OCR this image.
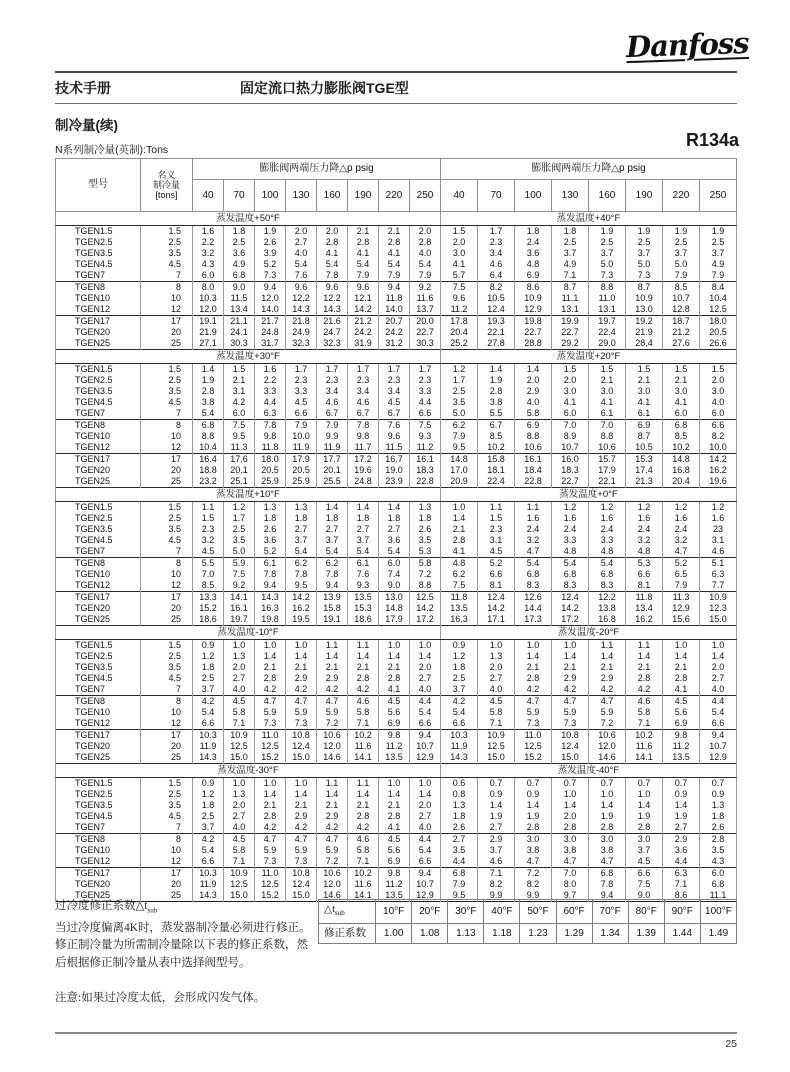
Danfoss
技术手册	固定流口热力膨胀阀TGE型
制冷量(续)
N系列制冷量(英制):Tons	R134a
型号	名义
制冷量
[tons]	膨胀阀两端压力降△p psig								膨胀阀两端压力降△p psig							
		40	70	100	130	160	190	220	250	40	70	100	130	160	190	220	250
蒸发温度+50°F										蒸发温度+40°F							
TGEN1.5	1.5	1.6	1.8	1.9	2.0	2.0	2.1	2.1	2.0	1.5	1.7	1.8	1.8	1.9	1.9	1.9	1.9
TGEN2.5	2.5	2.2	2.5	2.6	2.7	2.8	2.8	2.8	2.8	2.0	2.3	2.4	2.5	2.5	2.5	2.5	2.5
TGEN3.5	3.5	3.2	3.6	3.9	4.0	4.1	4.1	4.1	4.0	3.0	3.4	3.6	3.7	3.7	3.7	3.7	3.7
TGEN4.5	4.5	4.3	4.9	5.2	5.4	5.4	5.4	5.4	5.4	4.1	4.6	4.8	4.9	5.0	5.0	5.0	4.9
TGEN7	7	6.0	6.8	7.3	7.6	7.8	7.9	7.9	7.9	5.7	6.4	6.9	7.1	7.3	7.3	7.9	7.9
TGEN8	8	8.0	9.0	9.4	9.6	9.6	9.6	9.4	9.2	7.5	8.2	8.6	8.7	8.8	8.7	8.5	8.4
TGEN10	10	10.3	11.5	12.0	12.2	12.2	12.1	11.8	11.6	9.6	10.5	10.9	11.1	11.0	10.9	10.7	10.4
TGEN12	12	12.0	13.4	14.0	14.3	14.3	14.2	14.0	13.7	11.2	12.4	12.9	13.1	13.1	13.0	12.8	12.5
TGEN17	17	19.1	21.1	21.7	21.8	21.6	21.2	20.7	20.0	17.8	19.3	19.8	19.9	19.7	19.2	18.7	18.0
TGEN20	20	21.9	24.1	24.8	24.9	24.7	24.2	24.2	22.7	20.4	22.1	22.7	22.7	22.4	21.9	21.2	20.5
TGEN25	25	27.1	30.3	31.7	32.3	32.3	31.9	31.2	30.3	25.2	27.8	28.8	29.2	29.0	28.4	27.6	26.6
蒸发温度+30°F										蒸发温度+20°F							
TGEN1.5	1.5	1.4	1.5	1.6	1.7	1.7	1.7	1.7	1.7	1.2	1.4	1.4	1.5	1.5	1.5	1.5	1.5
TGEN2.5	2.5	1.9	2.1	2.2	2.3	2.3	2.3	2.3	2.3	1.7	1.9	2.0	2.0	2.1	2.1	2.1	2.0
TGEN3.5	3.5	2.8	3.1	3.3	3.3	3.4	3.4	3.4	3.3	2.5	2.8	2.9	3.0	3.0	3.0	3.0	3.0
TGEN4.5	4.5	3.8	4.2	4.4	4.5	4.6	4.6	4.5	4.4	3.5	3.8	4.0	4.1	4.1	4.1	4.1	4.0
TGEN7	7	5.4	6.0	6.3	6.6	6.7	6.7	6.7	6.6	5.0	5.5	5.8	6.0	6.1	6.1	6.0	6.0
TGEN8	8	6.8	7.5	7.8	7.9	7.9	7.8	7.6	7.5	6.2	6.7	6.9	7.0	7.0	6.9	6.8	6.6
TGEN10	10	8.8	9.5	9.8	10.0	9.9	9.8	9.6	9.3	7.9	8.5	8.8	8.9	8.8	8.7	8.5	8.2
TGEN12	12	10.4	11.3	11.8	11.9	11.9	11.7	11.5	11.2	9.5	10.2	10.6	10.7	10.6	10.5	10.2	10.0
TGEN17	17	16.4	17.6	18.0	17.9	17.7	17.2	16.7	16.1	14.8	15.8	16.1	16.0	15.7	15.3	14.8	14.2
TGEN20	20	18.8	20.1	20.5	20.5	20.1	19.6	19.0	18.3	17.0	18.1	18.4	18.3	17.9	17.4	16.8	16.2
TGEN25	25	23.2	25.1	25.9	25.9	25.5	24.8	23.9	22.8	20.9	22.4	22.8	22.7	22.1	21.3	20.4	19.6
蒸发温度+10°F										蒸发温度+0°F							
TGEN1.5	1.5	1.1	1.2	1.3	1.3	1.4	1.4	1.4	1.3	1.0	1.1	1.1	1.2	1.2	1.2	1.2	1.2
TGEN2.5	2.5	1.5	1.7	1.8	1.8	1.8	1.8	1.8	1.8	1.4	1.5	1.6	1.6	1.6	1.6	1.6	1.6
TGEN3.5	3.5	2.3	2.5	2.6	2.7	2.7	2.7	2.7	2.6	2.1	2.3	2.4	2.4	2.4	2.4	2.4	23
TGEN4.5	4.5	3.2	3.5	3.6	3.7	3.7	3.7	3.6	3.5	2.8	3.1	3.2	3.3	3.3	3.2	3.2	3.1
TGEN7	7	4.5	5.0	5.2	5.4	5.4	5.4	5.4	5.3	4.1	4.5	4.7	4.8	4.8	4.8	4.7	4.6
TGEN8	8	5.5	5.9	6.1	6.2	6.2	6.1	6.0	5.8	4.8	5.2	5.4	5.4	5.4	5.3	5.2	5.1
TGEN10	10	7.0	7.5	7.8	7.8	7.8	7.6	7.4	7.2	6.2	6.6	6.8	6.8	6.8	6.6	6.5	6.3
TGEN12	12	8.5	9.2	9.4	9.5	9.4	9.3	9.0	8.8	7.5	8.1	8.3	8.3	8.3	8.1	7.9	7.7
TGEN17	17	13.3	14.1	14.3	14.2	13.9	13.5	13.0	12.5	11.8	12.4	12.6	12.4	12.2	11.8	11.3	10.9
TGEN20	20	15.2	16.1	16.3	16.2	15.8	15.3	14.8	14.2	13.5	14.2	14.4	14.2	13.8	13.4	12.9	12.3
TGEN25	25	18.6	19.7	19.8	19.5	19.1	18.6	17.9	17.2	16.3	17.1	17.3	17.2	16.8	16.2	15.6	15.0
蒸发温度-10°F										蒸发温度-20°F							
TGEN1.5	1.5	0.9	1.0	1.0	1.0	1.1	1.1	1.0	1.0	0.9	1.0	1.0	1.0	1.1	1.1	1.0	1.0
TGEN2.5	2.5	1.2	1.3	1.4	1.4	1.4	1.4	1.4	1.4	1.2	1.3	1.4	1.4	1.4	1.4	1.4	1.4
TGEN3.5	3.5	1.8	2.0	2.1	2.1	2.1	2.1	2.1	2.0	1.8	2.0	2.1	2.1	2.1	2.1	2.1	2.0
TGEN4.5	4.5	2.5	2.7	2.8	2.9	2.9	2.8	2.8	2.7	2.5	2.7	2.8	2.9	2.9	2.8	2.8	2.7
TGEN7	7	3.7	4.0	4.2	4.2	4.2	4.2	4.1	4.0	3.7	4.0	4.2	4.2	4.2	4.2	4.1	4.0
TGEN8	8	4.2	4.5	4.7	4.7	4.7	4.6	4.5	4.4	4.2	4.5	4.7	4.7	4.7	4.6	4.5	4.4
TGEN10	10	5.4	5.8	5.9	5.9	5.9	5.8	5.6	5.4	5.4	5.8	5.9	5.9	5.9	5.8	5.6	5.4
TGEN12	12	6.6	7.1	7.3	7.3	7.2	7.1	6.9	6.6	6.6	7.1	7.3	7.3	7.2	7.1	6.9	6.6
TGEN17	17	10.3	10.9	11.0	10.8	10.6	10.2	9.8	9.4	10.3	10.9	11.0	10.8	10.6	10.2	9.8	9.4
TGEN20	20	11.9	12.5	12.5	12.4	12.0	11.6	11.2	10.7	11.9	12.5	12.5	12.4	12.0	11.6	11.2	10.7
TGEN25	25	14.3	15.0	15.2	15.0	14.6	14.1	13.5	12.9	14.3	15.0	15.2	15.0	14.6	14.1	13.5	12.9
蒸发温度-30°F										蒸发温度-40°F							
TGEN1.5	1.5	0.9	1.0	1.0	1.0	1.1	1.1	1.0	1.0	0.6	0.7	0.7	0.7	0.7	0.7	0.7	0.7
TGEN2.5	2.5	1.2	1.3	1.4	1.4	1.4	1.4	1.4	1.4	0.8	0.9	0.9	1.0	1.0	1.0	0.9	0.9
TGEN3.5	3.5	1.8	2.0	2.1	2.1	2.1	2.1	2.1	2.0	1.3	1.4	1.4	1.4	1.4	1.4	1.4	1.3
TGEN4.5	4.5	2.5	2.7	2.8	2.9	2.9	2.8	2.8	2.7	1.8	1.9	1.9	2.0	1.9	1.9	1.9	1.8
TGEN7	7	3.7	4.0	4.2	4.2	4.2	4.2	4.1	4.0	2.6	2.7	2.8	2.8	2.8	2.8	2.7	2.6
TGEN8	8	4.2	4.5	4.7	4.7	4.7	4.6	4.5	4.4	2.7	2.9	3.0	3.0	3.0	3.0	2.9	2.8
TGEN10	10	5.4	5.8	5.9	5.9	5.9	5.8	5.6	5.4	3.5	3.7	3.8	3.8	3.8	3.7	3.6	3.5
TGEN12	12	6.6	7.1	7.3	7.3	7.2	7.1	6.9	6.6	4.4	4.6	4.7	4.7	4.7	4.5	4.4	4.3
TGEN17	17	10.3	10.9	11.0	10.8	10.6	10.2	9.8	9.4	6.8	7.1	7.2	7.0	6.8	6.6	6.3	6.0
TGEN20	20	11.9	12.5	12.5	12.4	12.0	11.6	11.2	10.7	7.9	8.2	8.2	8.0	7.8	7.5	7.1	6.8
TGEN25	25	14.3	15.0	15.2	15.0	14.6	14.1	13.5	12.9	9.5	9.9	9.9	9.7	9.4	9.0	8.6	11.1
过冷度修正系数$\triangle t_{sub}$
当过冷度偏离4K时，蒸发器制冷量必须进行修正。
修正制冷量为所需制冷量除以下表的修正系数，然
后根据修正制冷量从表中选择阀型号。
注意:如果过冷度太低，会形成闪发气体。
$\triangle t_{sub}$	10°F	20°F	30°F	40°F	50°F	60°F	70°F	80°F	90°F	100°F
修正系数	1.00	1.08	1.13	1.18	1.23	1.29	1.34	1.39	1.44	1.49
25
